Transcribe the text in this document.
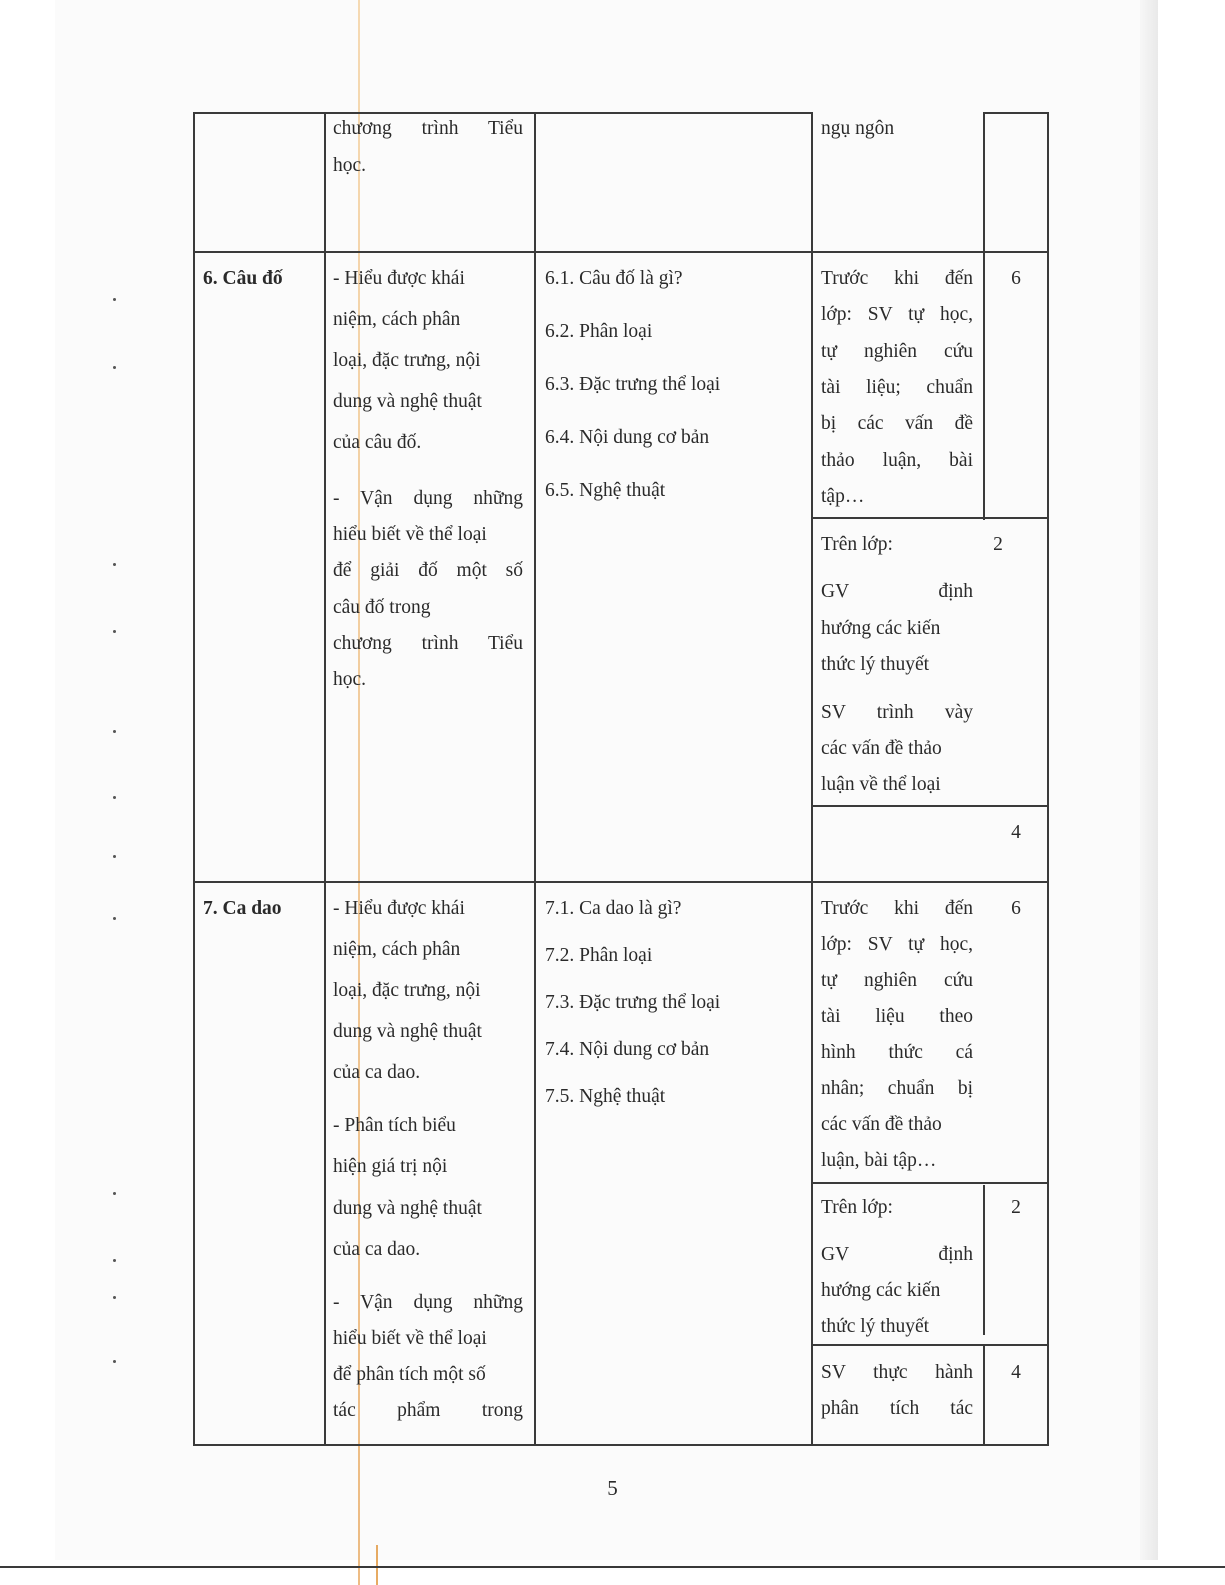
chương trình Tiểu
học.
ngụ ngôn
6. Câu đố	- Hiểu được khái
niệm, cách phân
loại, đặc trưng, nội
dung và nghệ thuật
của câu đố.
- Vận dụng những
hiểu biết về thể loại
để giải đố một số
câu đố trong
chương trình Tiểu
học.
6.1. Câu đố là gì?
6.2. Phân loại
6.3. Đặc trưng thể loại
6.4. Nội dung cơ bản
6.5. Nghệ thuật
Trước khi đến
lớp: SV tự học,
tự nghiên cứu
tài liệu; chuẩn
bị các vấn đề
thảo luận, bài
tập…
6
Trên lớp:
GV định
hướng các kiến
thức lý thuyết
SV trình vày
các vấn đề thảo
luận về thể loại
2
4
7. Ca dao	- Hiểu được khái
niệm, cách phân
loại, đặc trưng, nội
dung và nghệ thuật
của ca dao.
- Phân tích biểu
hiện giá trị nội
dung và nghệ thuật
của ca dao.
- Vận dụng những
hiểu biết về thể loại
để phân tích một số
tác phẩm trong
7.1. Ca dao là gì?
7.2. Phân loại
7.3. Đặc trưng thể loại
7.4. Nội dung cơ bản
7.5. Nghệ thuật
Trước khi đến
lớp: SV tự học,
tự nghiên cứu
tài liệu theo
hình thức cá
nhân; chuẩn bị
các vấn đề thảo
luận, bài tập…
6
Trên lớp:
GV định
hướng các kiến
thức lý thuyết
2
SV thực hành
phân tích tác
4
5
